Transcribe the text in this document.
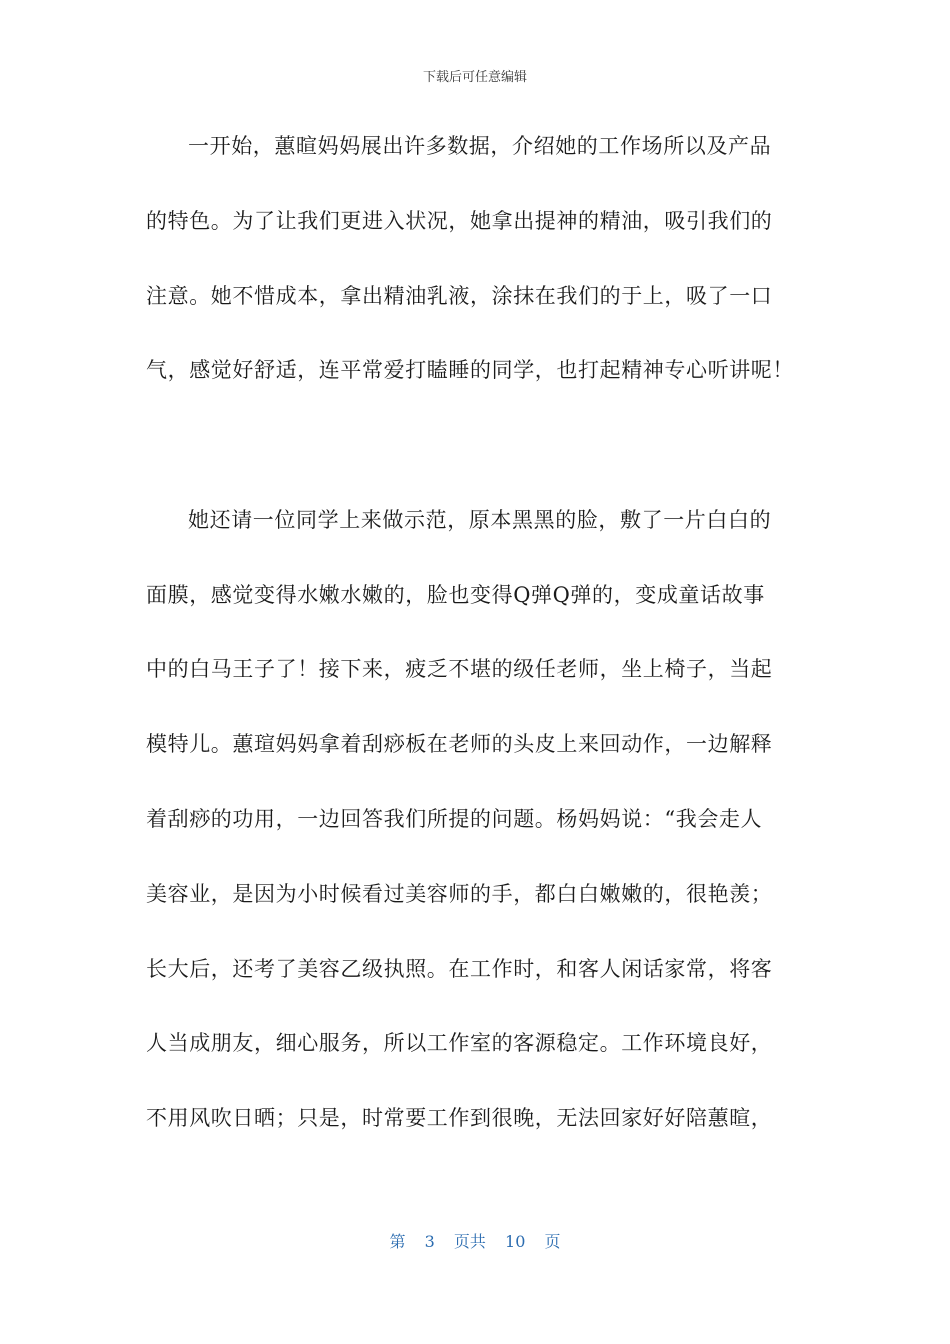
下载后可任意编辑
一开始，蕙暄妈妈展出许多数据，介绍她的工作场所以及产品
的特色。为了让我们更进入状况，她拿出提神的精油，吸引我们的
注意。她不惜成本，拿出精油乳液，涂抹在我们的于上，吸了一口
气，感觉好舒适，连平常爱打瞌睡的同学，也打起精神专心听讲呢！
她还请一位同学上来做示范，原本黑黑的脸，敷了一片白白的
面膜，感觉变得水嫩水嫩的，脸也变得Q弹Q弹的，变成童话故事
中的白马王子了！接下来，疲乏不堪的级任老师，坐上椅子，当起
模特儿。蕙瑄妈妈拿着刮痧板在老师的头皮上来回动作，一边解释
着刮痧的功用，一边回答我们所提的问题。杨妈妈说：“我会走人
美容业，是因为小时候看过美容师的手，都白白嫩嫩的，很艳羡；
长大后，还考了美容乙级执照。在工作时，和客人闲话家常，将客
人当成朋友，细心服务，所以工作室的客源稳定。工作环境良好，
不用风吹日晒；只是，时常要工作到很晚，无法回家好好陪蕙暄，
第 3 页共 10 页
